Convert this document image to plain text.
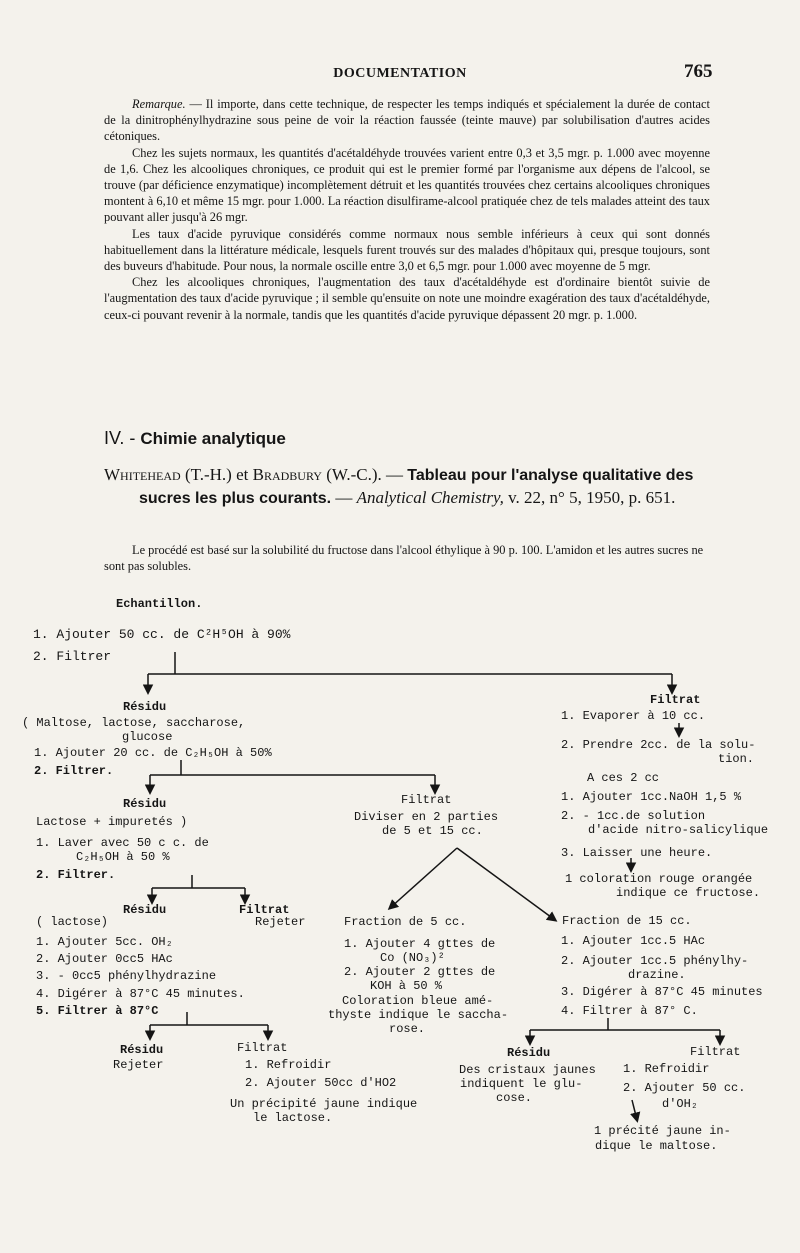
DOCUMENTATION	765

Remarque. — Il importe, dans cette technique, de respecter les temps indiqués et spécialement la durée de contact de la dinitrophénylhydrazine sous peine de voir la réaction faussée (teinte mauve) par solubilisation d'autres acides cétoniques.

Chez les sujets normaux, les quantités d'acétaldéhyde trouvées varient entre 0,3 et 3,5 mgr. p. 1.000 avec moyenne de 1,6. Chez les alcooliques chroniques, ce produit qui est le premier formé par l'organisme aux dépens de l'alcool, se trouve (par déficience enzymatique) incomplètement détruit et les quantités trouvées chez certains alcooliques chroniques montent à 6,10 et même 15 mgr. pour 1.000. La réaction disulfirame-alcool pratiquée chez de tels malades atteint des taux pouvant aller jusqu'à 26 mgr.

Les taux d'acide pyruvique considérés comme normaux nous semble inférieurs à ceux qui sont donnés habituellement dans la littérature médicale, lesquels furent trouvés sur des malades d'hôpitaux qui, presque toujours, sont des buveurs d'habitude. Pour nous, la normale oscille entre 3,0 et 6,5 mgr. pour 1.000 avec moyenne de 5 mgr.

Chez les alcooliques chroniques, l'augmentation des taux d'acétaldéhyde est d'ordinaire bientôt suivie de l'augmentation des taux d'acide pyruvique ; il semble qu'ensuite on note une moindre exagération des taux d'acétaldéhyde, ceux-ci pouvant revenir à la normale, tandis que les quantités d'acide pyruvique dépassent 20 mgr. p. 1.000.

IV. - Chimie analytique
Whitehead (T.-H.) et Bradbury (W.-C.). — Tableau pour l'analyse qualitative des sucres les plus courants. — Analytical Chemistry, v. 22, n° 5, 1950, p. 651.

Le procédé est basé sur la solubilité du fructose dans l'alcool éthylique à 90 p. 100. L'amidon et les autres sucres ne sont pas solubles.

Echantillon.
1. Ajouter 50 cc. de C²H⁵OH à 90%
2. Filtrer
Résidu
( Maltose, lactose, saccharose,
glucose
1. Ajouter 20 cc. de C₂H₅OH à 50%
2. Filtrer.
Filtrat
1. Evaporer à 10 cc.
2. Prendre 2cc. de la solu-
tion.
A ces 2 cc
1. Ajouter 1cc.NaOH 1,5 %
2. - 1cc.de solution
d'acide nitro-salicylique
3. Laisser une heure.
1 coloration rouge orangée
indique ce fructose.
Résidu
Lactose + impuretés )
1. Laver avec 50 c c. de
C₂H₅OH à 50 %
2. Filtrer.
Filtrat
Diviser en 2 parties
de 5 et 15 cc.
Résidu
( lactose)
Filtrat
Rejeter
1. Ajouter 5cc. OH₂
2. Ajouter 0cc5 HAc
3. - 0cc5 phénylhydrazine
4. Digérer à 87°C 45 minutes.
5. Filtrer à 87°C
Résidu
Rejeter
Filtrat
1. Refroidir
2. Ajouter 50cc d'HO2
Un précipité jaune indique
le lactose.
Fraction de 5 cc.
1. Ajouter 4 gttes de
Co (NO₃)²
2. Ajouter 2 gttes de
KOH à 50 %
Coloration bleue amé-
thyste indique le saccha-
rose.
Fraction de 15 cc.
1. Ajouter 1cc.5 HAc
2. Ajouter 1cc.5 phénylhy-
drazine.
3. Digérer à 87°C 45 minutes
4. Filtrer à 87° C.
Résidu
Des cristaux jaunes
indiquent le glu-
cose.
Filtrat
1. Refroidir
2. Ajouter 50 cc.
d'OH₂
1 précité jaune in-
dique le maltose.
